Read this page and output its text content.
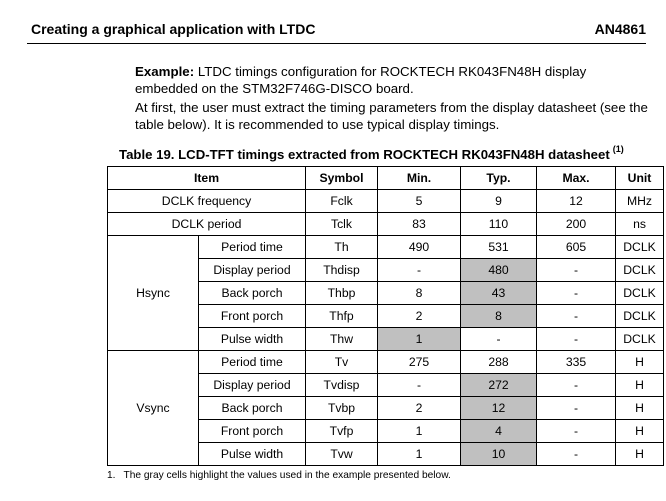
Creating a graphical application with LTDC	AN4861
Example: LTDC timings configuration for ROCKTECH RK043FN48H display embedded on the STM32F746G-DISCO board.
At first, the user must extract the timing parameters from the display datasheet (see the table below). It is recommended to use typical display timings.
Table 19. LCD-TFT timings extracted from ROCKTECH RK043FN48H datasheet $^{(1)}$
Item		Symbol	Min.	Typ.	Max.	Unit
DCLK frequency		Fclk	5	9	12	MHz
DCLK period		Tclk	83	110	200	ns
Hsync	Period time	Th	490	531	605	DCLK
	Display period	Thdisp	-	480	-	DCLK
	Back porch	Thbp	8	43	-	DCLK
	Front porch	Thfp	2	8	-	DCLK
	Pulse width	Thw	1	-	-	DCLK
Vsync	Period time	Tv	275	288	335	H
	Display period	Tvdisp	-	272	-	H
	Back porch	Tvbp	2	12	-	H
	Front porch	Tvfp	1	4	-	H
	Pulse width	Tvw	1	10	-	H
1. The gray cells highlight the values used in the example presented below.
